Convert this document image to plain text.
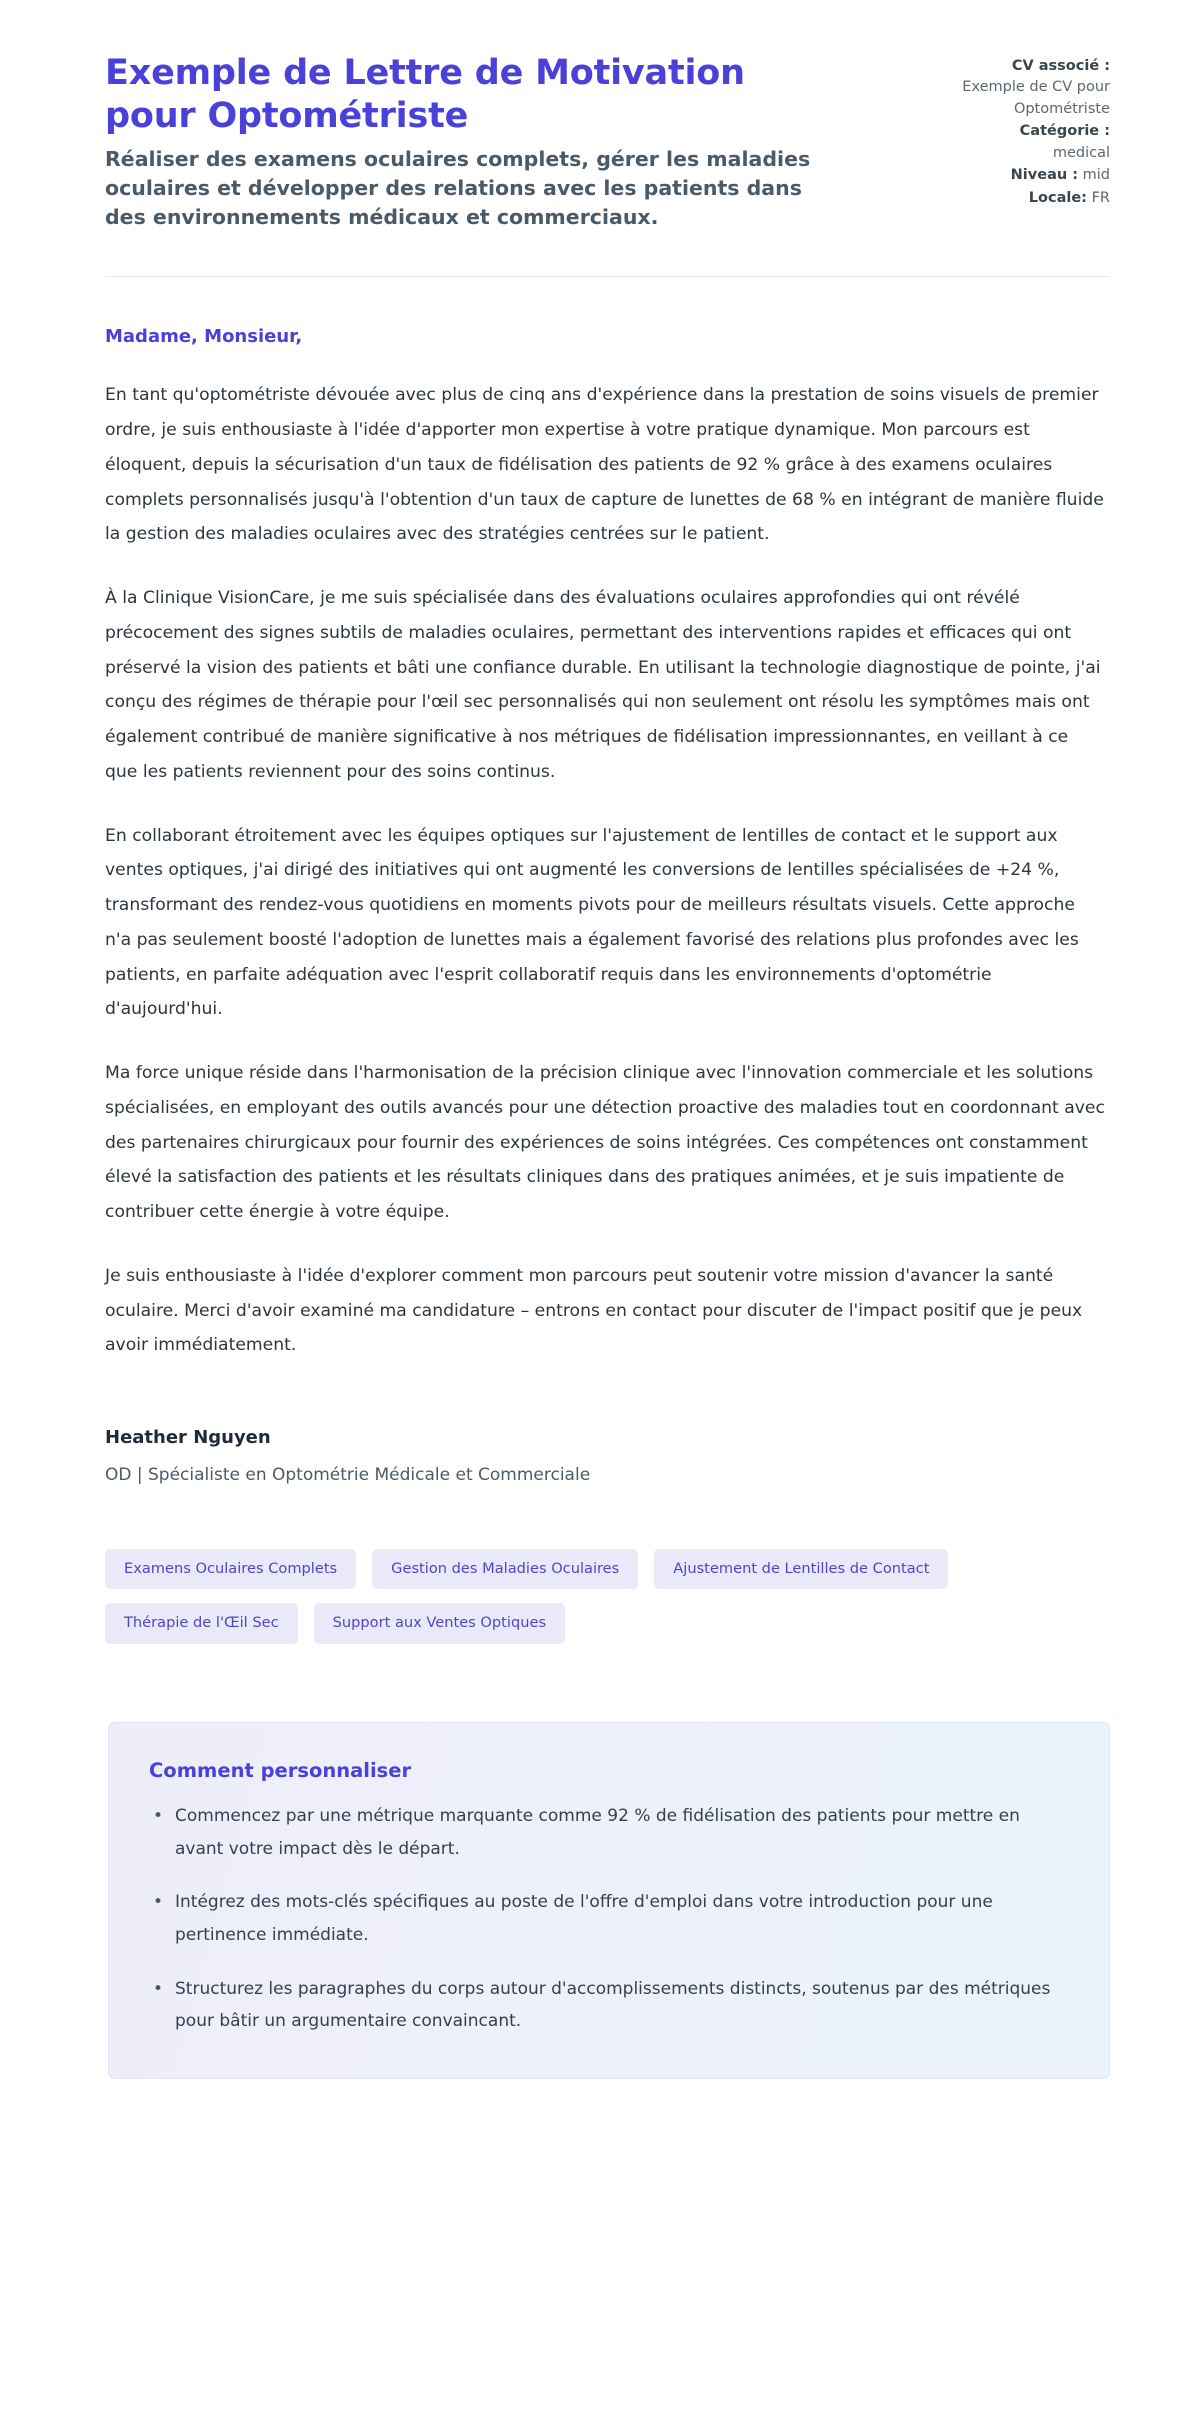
Exemple de Lettre de Motivation pour Optométriste

Réaliser des examens oculaires complets, gérer les maladies oculaires et développer des relations avec les patients dans des environnements médicaux et commerciaux.

CV associé :
Exemple de CV pour Optométriste
Catégorie :
medical
Niveau : mid
Locale: FR

Madame, Monsieur,

En tant qu'optométriste dévouée avec plus de cinq ans d'expérience dans la prestation de soins visuels de premier ordre, je suis enthousiaste à l'idée d'apporter mon expertise à votre pratique dynamique. Mon parcours est éloquent, depuis la sécurisation d'un taux de fidélisation des patients de 92 % grâce à des examens oculaires complets personnalisés jusqu'à l'obtention d'un taux de capture de lunettes de 68 % en intégrant de manière fluide la gestion des maladies oculaires avec des stratégies centrées sur le patient.

À la Clinique VisionCare, je me suis spécialisée dans des évaluations oculaires approfondies qui ont révélé précocement des signes subtils de maladies oculaires, permettant des interventions rapides et efficaces qui ont préservé la vision des patients et bâti une confiance durable. En utilisant la technologie diagnostique de pointe, j'ai conçu des régimes de thérapie pour l'œil sec personnalisés qui non seulement ont résolu les symptômes mais ont également contribué de manière significative à nos métriques de fidélisation impressionnantes, en veillant à ce que les patients reviennent pour des soins continus.

En collaborant étroitement avec les équipes optiques sur l'ajustement de lentilles de contact et le support aux ventes optiques, j'ai dirigé des initiatives qui ont augmenté les conversions de lentilles spécialisées de +24 %, transformant des rendez-vous quotidiens en moments pivots pour de meilleurs résultats visuels. Cette approche n'a pas seulement boosté l'adoption de lunettes mais a également favorisé des relations plus profondes avec les patients, en parfaite adéquation avec l'esprit collaboratif requis dans les environnements d'optométrie d'aujourd'hui.

Ma force unique réside dans l'harmonisation de la précision clinique avec l'innovation commerciale et les solutions spécialisées, en employant des outils avancés pour une détection proactive des maladies tout en coordonnant avec des partenaires chirurgicaux pour fournir des expériences de soins intégrées. Ces compétences ont constamment élevé la satisfaction des patients et les résultats cliniques dans des pratiques animées, et je suis impatiente de contribuer cette énergie à votre équipe.

Je suis enthousiaste à l'idée d'explorer comment mon parcours peut soutenir votre mission d'avancer la santé oculaire. Merci d'avoir examiné ma candidature – entrons en contact pour discuter de l'impact positif que je peux avoir immédiatement.

Heather Nguyen

OD | Spécialiste en Optométrie Médicale et Commerciale

Examens Oculaires Complets	Gestion des Maladies Oculaires	Ajustement de Lentilles de Contact
Thérapie de l'Œil Sec	Support aux Ventes Optiques
Comment personnaliser
• Commencez par une métrique marquante comme 92 % de fidélisation des patients pour mettre en avant votre impact dès le départ.
• Intégrez des mots-clés spécifiques au poste de l'offre d'emploi dans votre introduction pour une pertinence immédiate.
• Structurez les paragraphes du corps autour d'accomplissements distincts, soutenus par des métriques pour bâtir un argumentaire convaincant.
